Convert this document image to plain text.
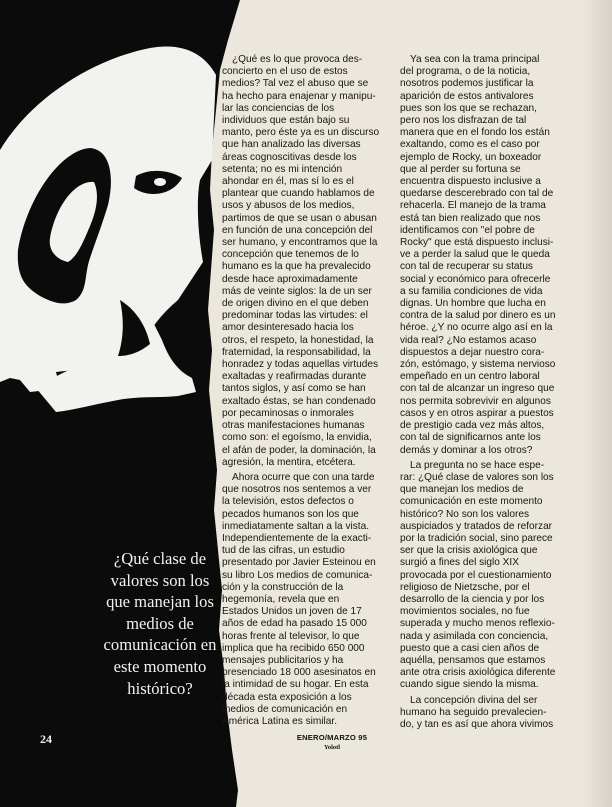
¿Qué clase de
valores son los
que manejan los
medios de
comunicación en
este momento
histórico?
24
¿Qué es lo que provoca des-
concierto en el uso de estos
medios? Tal vez el abuso que se
ha hecho para enajenar y manipu-
lar las conciencias de los
individuos que están bajo su
manto, pero éste ya es un discurso
que han analizado las diversas
áreas cognoscitivas desde los
setenta; no es mi intención
ahondar en él, mas sí lo es el
plantear que cuando hablamos de
usos y abusos de los medios,
partimos de que se usan o abusan
en función de una concepción del
ser humano, y encontramos que la
concepción que tenemos de lo
humano es la que ha prevalecido
desde hace aproximadamente
más de veinte siglos: la de un ser
de origen divino en el que deben
predominar todas las virtudes: el
amor desinteresado hacia los
otros, el respeto, la honestidad, la
fraternidad, la responsabilidad, la
honradez y todas aquellas virtudes
exaltadas y reafirmadas durante
tantos siglos, y así como se han
exaltado éstas, se han condenado
por pecaminosas o inmorales
otras manifestaciones humanas
como son: el egoísmo, la envidia,
el afán de poder, la dominación, la
agresión, la mentira, etcétera.
Ahora ocurre que con una tarde
que nosotros nos sentemos a ver
la televisión, estos defectos o
pecados humanos son los que
inmediatamente saltan a la vista.
Independientemente de la exacti-
tud de las cifras, un estudio
presentado por Javier Esteinou en
su libro Los medios de comunica-
ción y la construcción de la
hegemonía, revela que en
Estados Unidos un joven de 17
años de edad ha pasado 15 000
horas frente al televisor, lo que
implica que ha recibido 650 000
mensajes publicitarios y ha
presenciado 18 000 asesinatos en
la intimidad de su hogar. En esta
década esta exposición a los
medios de comunicación en
América Latina es similar.
Ya sea con la trama principal
del programa, o de la noticia,
nosotros podemos justificar la
aparición de estos antivalores
pues son los que se rechazan,
pero nos los disfrazan de tal
manera que en el fondo los están
exaltando, como es el caso por
ejemplo de Rocky, un boxeador
que al perder su fortuna se
encuentra dispuesto inclusive a
quedarse descerebrado con tal de
rehacerla. El manejo de la trama
está tan bien realizado que nos
identificamos con "el pobre de
Rocky" que está dispuesto inclusi-
ve a perder la salud que le queda
con tal de recuperar su status
social y económico para ofrecerle
a su familia condiciones de vida
dignas. Un hombre que lucha en
contra de la salud por dinero es un
héroe. ¿Y no ocurre algo así en la
vida real? ¿No estamos acaso
dispuestos a dejar nuestro cora-
zón, estómago, y sistema nervioso
empeñado en un centro laboral
con tal de alcanzar un ingreso que
nos permita sobrevivir en algunos
casos y en otros aspirar a puestos
de prestigio cada vez más altos,
con tal de significarnos ante los
demás y dominar a los otros?
La pregunta no se hace espe-
rar: ¿Qué clase de valores son los
que manejan los medios de
comunicación en este momento
histórico? No son los valores
auspiciados y tratados de reforzar
por la tradición social, sino parece
ser que la crisis axiológica que
surgió a fines del siglo XIX
provocada por el cuestionamiento
religioso de Nietzsche, por el
desarrollo de la ciencia y por los
movimientos sociales, no fue
superada y mucho menos reflexio-
nada y asimilada con conciencia,
puesto que a casi cien años de
aquélla, pensamos que estamos
ante otra crisis axiológica diferente
cuando sigue siendo la misma.
La concepción divina del ser
humano ha seguido prevalecien-
do, y tan es así que ahora vivimos
ENERO/MARZO 95
Yolotl
